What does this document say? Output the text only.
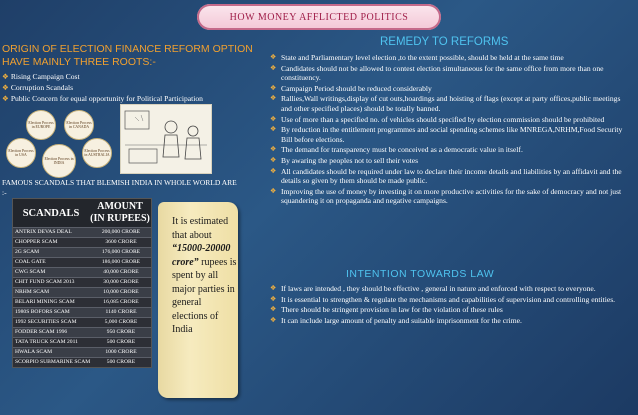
HOW MONEY AFFLICTED POLITICS
ORIGIN OF ELECTION FINANCE REFORM OPTION HAVE MAINLY THREE ROOTS:-
❖ Rising Campaign Cost
❖ Corruption Scandals
❖ Public Concern for equal opportunity for Political Participation
Election Process in EUROPE
Election Process in CANADA
Election Process in USA
Election Process in INDIA
Election Process in AUSTRALIA
FAMOUS SCANDALS THAT BLEMISH INDIA IN WHOLE WORLD ARE :-
SCANDALS
AMOUNT (IN RUPEES)
ANTRIX DEVAS DEAL	200,000 CRORE
CHOPPER SCAM	3600 CRORE
2G SCAM	176,000 CRORE
COAL GATE	186,000 CRORE
CWG SCAM	40,000 CRORE
CHIT FUND SCAM 2013	30,000 CRORE
NRHM SCAM	10,000 CRORE
BELARI MINING SCAM	16,085 CRORE
1980S BOFORS SCAM	1140 CRORE
1992 SECURITIES SCAM	5,000 CRORE
FODDER SCAM 1996	950 CRORE
TATA TRUCK SCAM 2011	500 CRORE
HWALA SCAM	1000 CRORE
SCORPIO SUBMARINE SCAM	500 CRORE
It is estimated that about “15000-20000 crore” rupees is spent by all major parties in general elections of India
REMEDY TO REFORMS
❖ State and Parliamentary level election ,to the extent possible, should be held at the same time
❖ Candidates should not be allowed to contest election simultaneous for the same office from more than one constituency.
❖ Campaign Period should be reduced considerably
❖ Rallies,Wall writings,display of cut outs,hoardings and hoisting of flags (except at party offices,public meetings and other specified places) should be totally banned.
❖ Use of more than a specified no. of vehicles should specified by election commission should be prohibited
❖ By reduction in the entitlement programmes and social spending schemes like MNREGA,NRHM,Food Security Bill before elections.
❖ The demand for transparency must be conceived as a democratic value in itself.
❖ By awaring the peoples not to sell their votes
❖ All candidates should be required under law to declare their income details and liabilities by an affidavit and the details so given by them should be made public.
❖ Improving the use of money by investing it on more productive activities for the sake of democracy and not just squandering it on propaganda and negative campaigns.
INTENTION TOWARDS LAW
❖ If laws are intended , they should be effective , general in nature and enforced with respect to everyone.
❖ It is essential to strengthen & regulate the mechanisms and capabilities of supervision and controlling entities.
❖ There should be stringent provision in law for the violation of these rules
❖ It can include large amount of penalty and suitable imprisonment for the crime.
